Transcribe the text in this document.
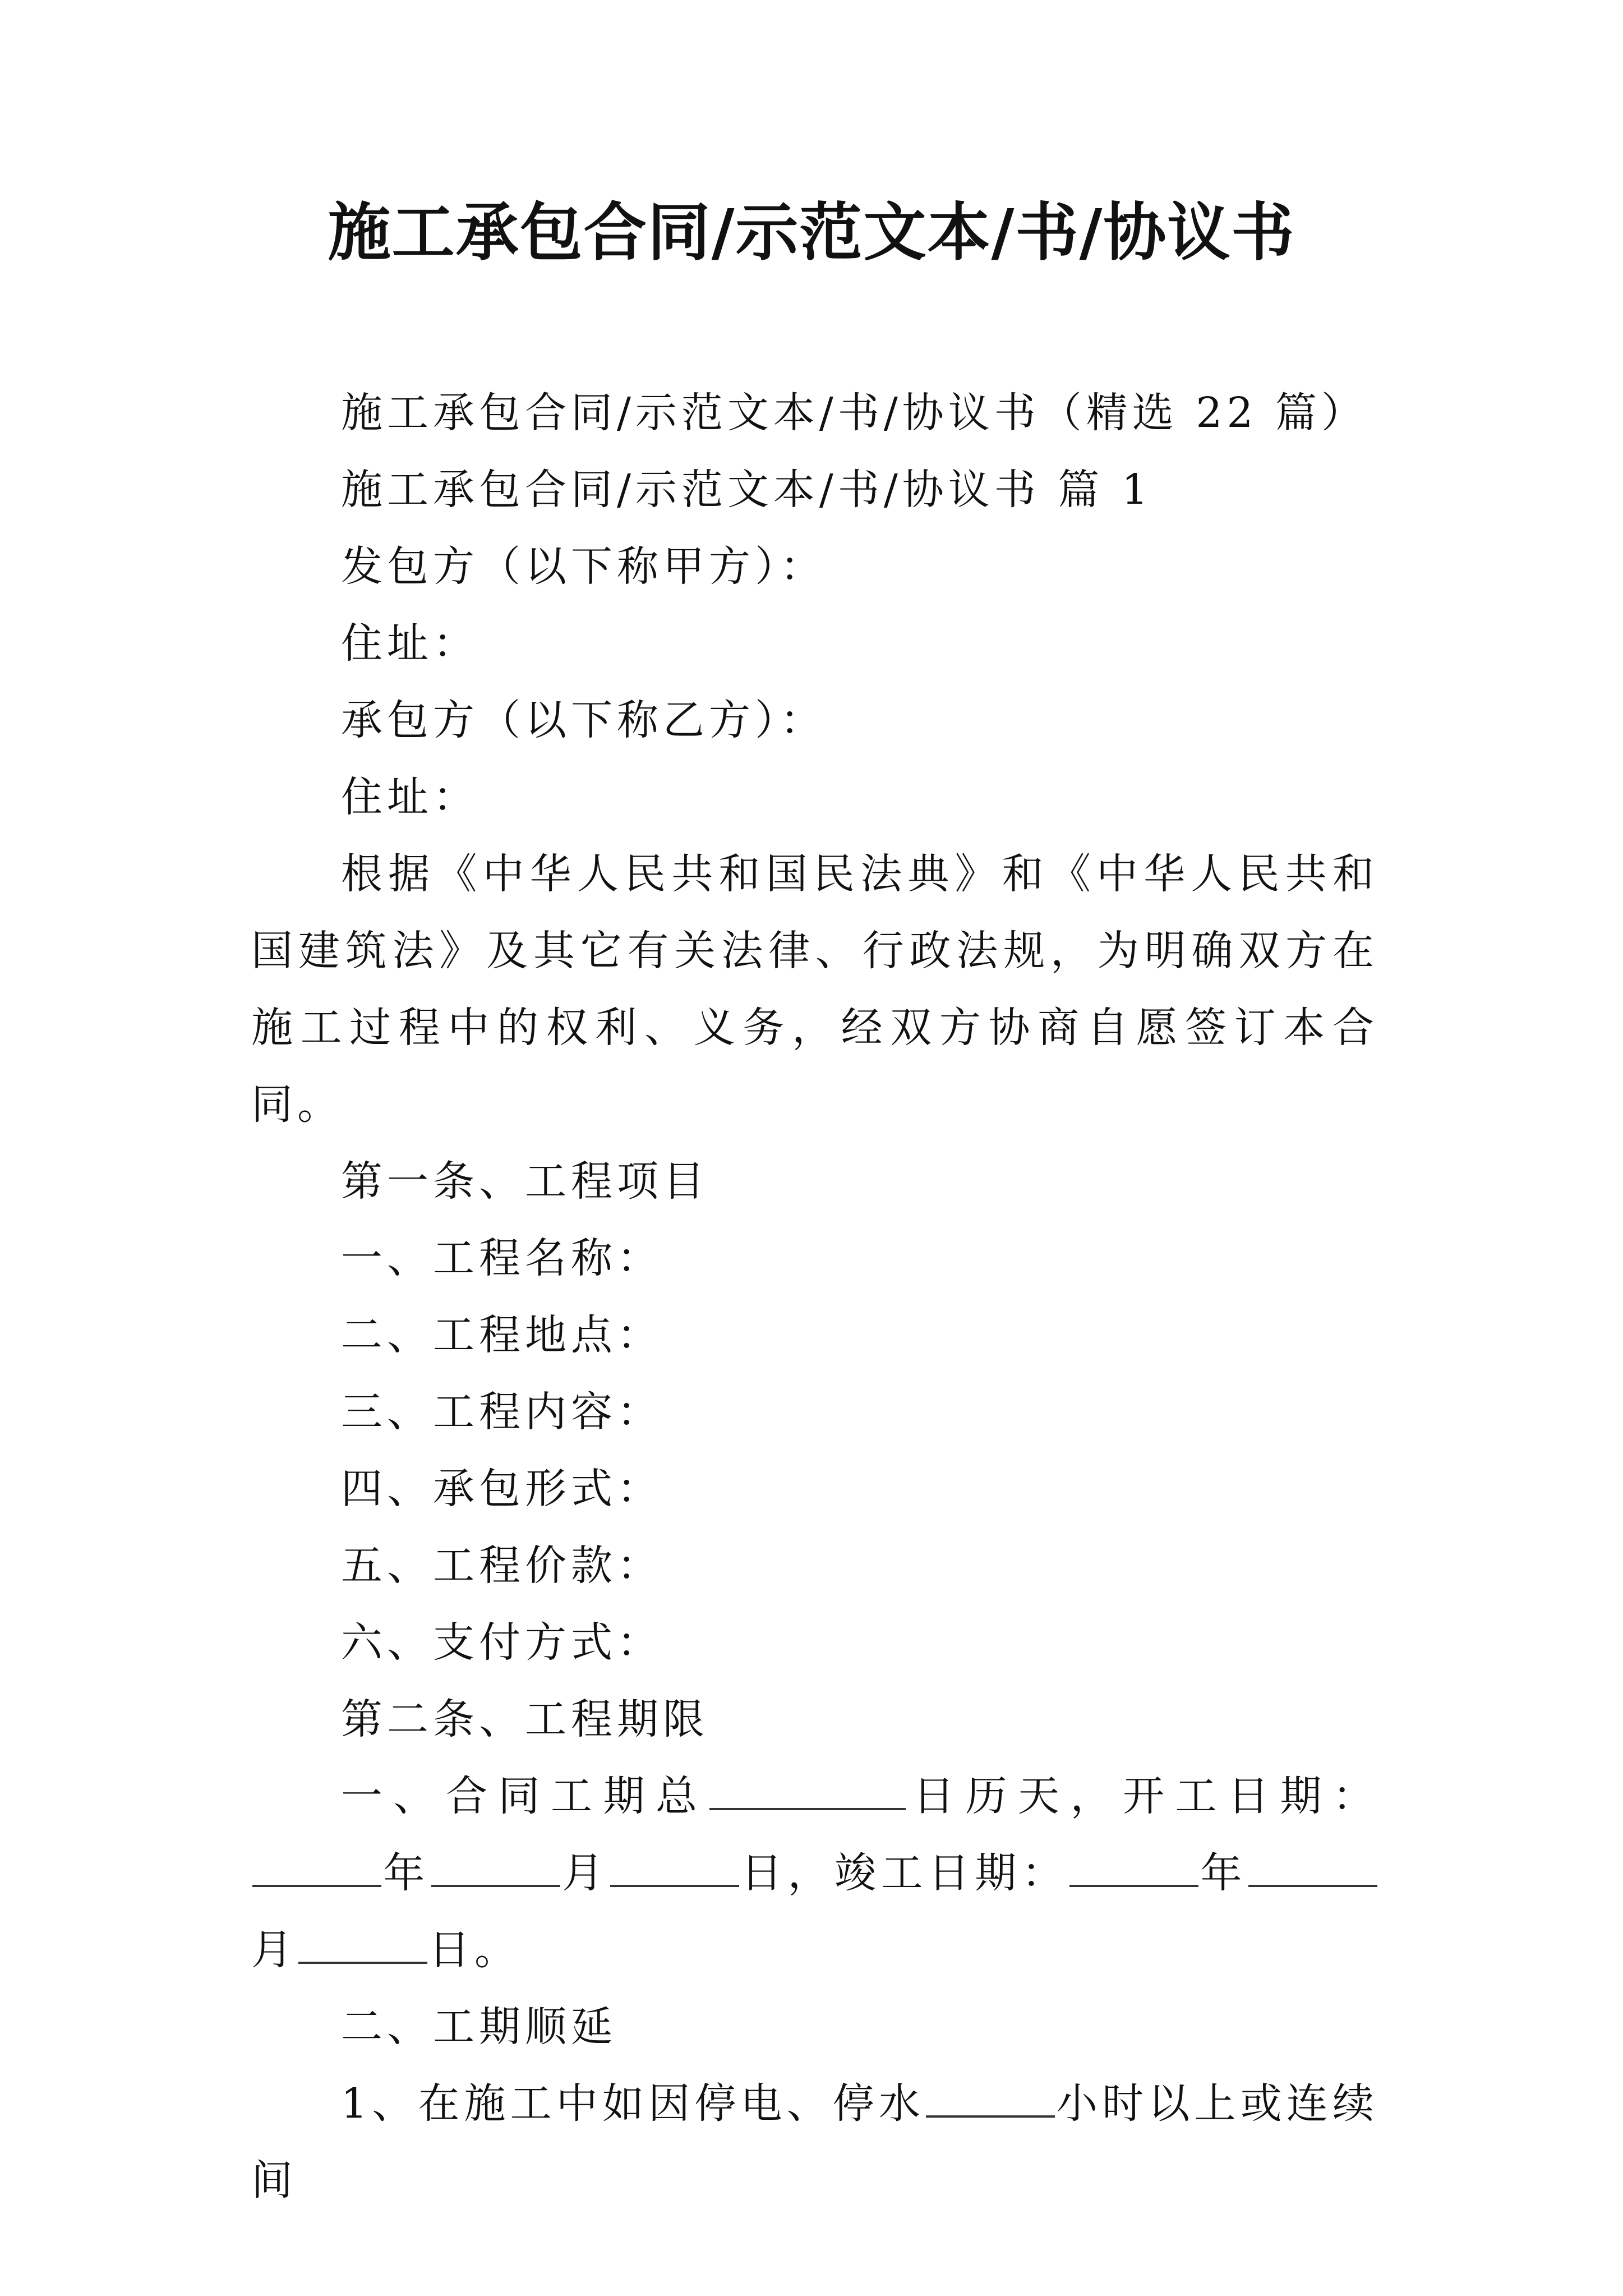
施工承包合同/示范文本/书/协议书

施工承包合同/示范文本/书/协议书（精选 22 篇）

施工承包合同/示范文本/书/协议书 篇 1

发包方（以下称甲方）：

住址：

承包方（以下称乙方）：

住址：

根据《中华人民共和国民法典》和《中华人民共和国建筑法》及其它有关法律、行政法规，为明确双方在施工过程中的权利、义务，经双方协商自愿签订本合同。

第一条、工程项目

一、工程名称：

二、工程地点：

三、工程内容：

四、承包形式：

五、工程价款：

六、支付方式：

第二条、工程期限

一、合同工期总	日历天，开工日期：年	月	日，竣工日期：	年月	日。

二、工期顺延

1、在施工中如因停电、停水	小时以上或连续间
